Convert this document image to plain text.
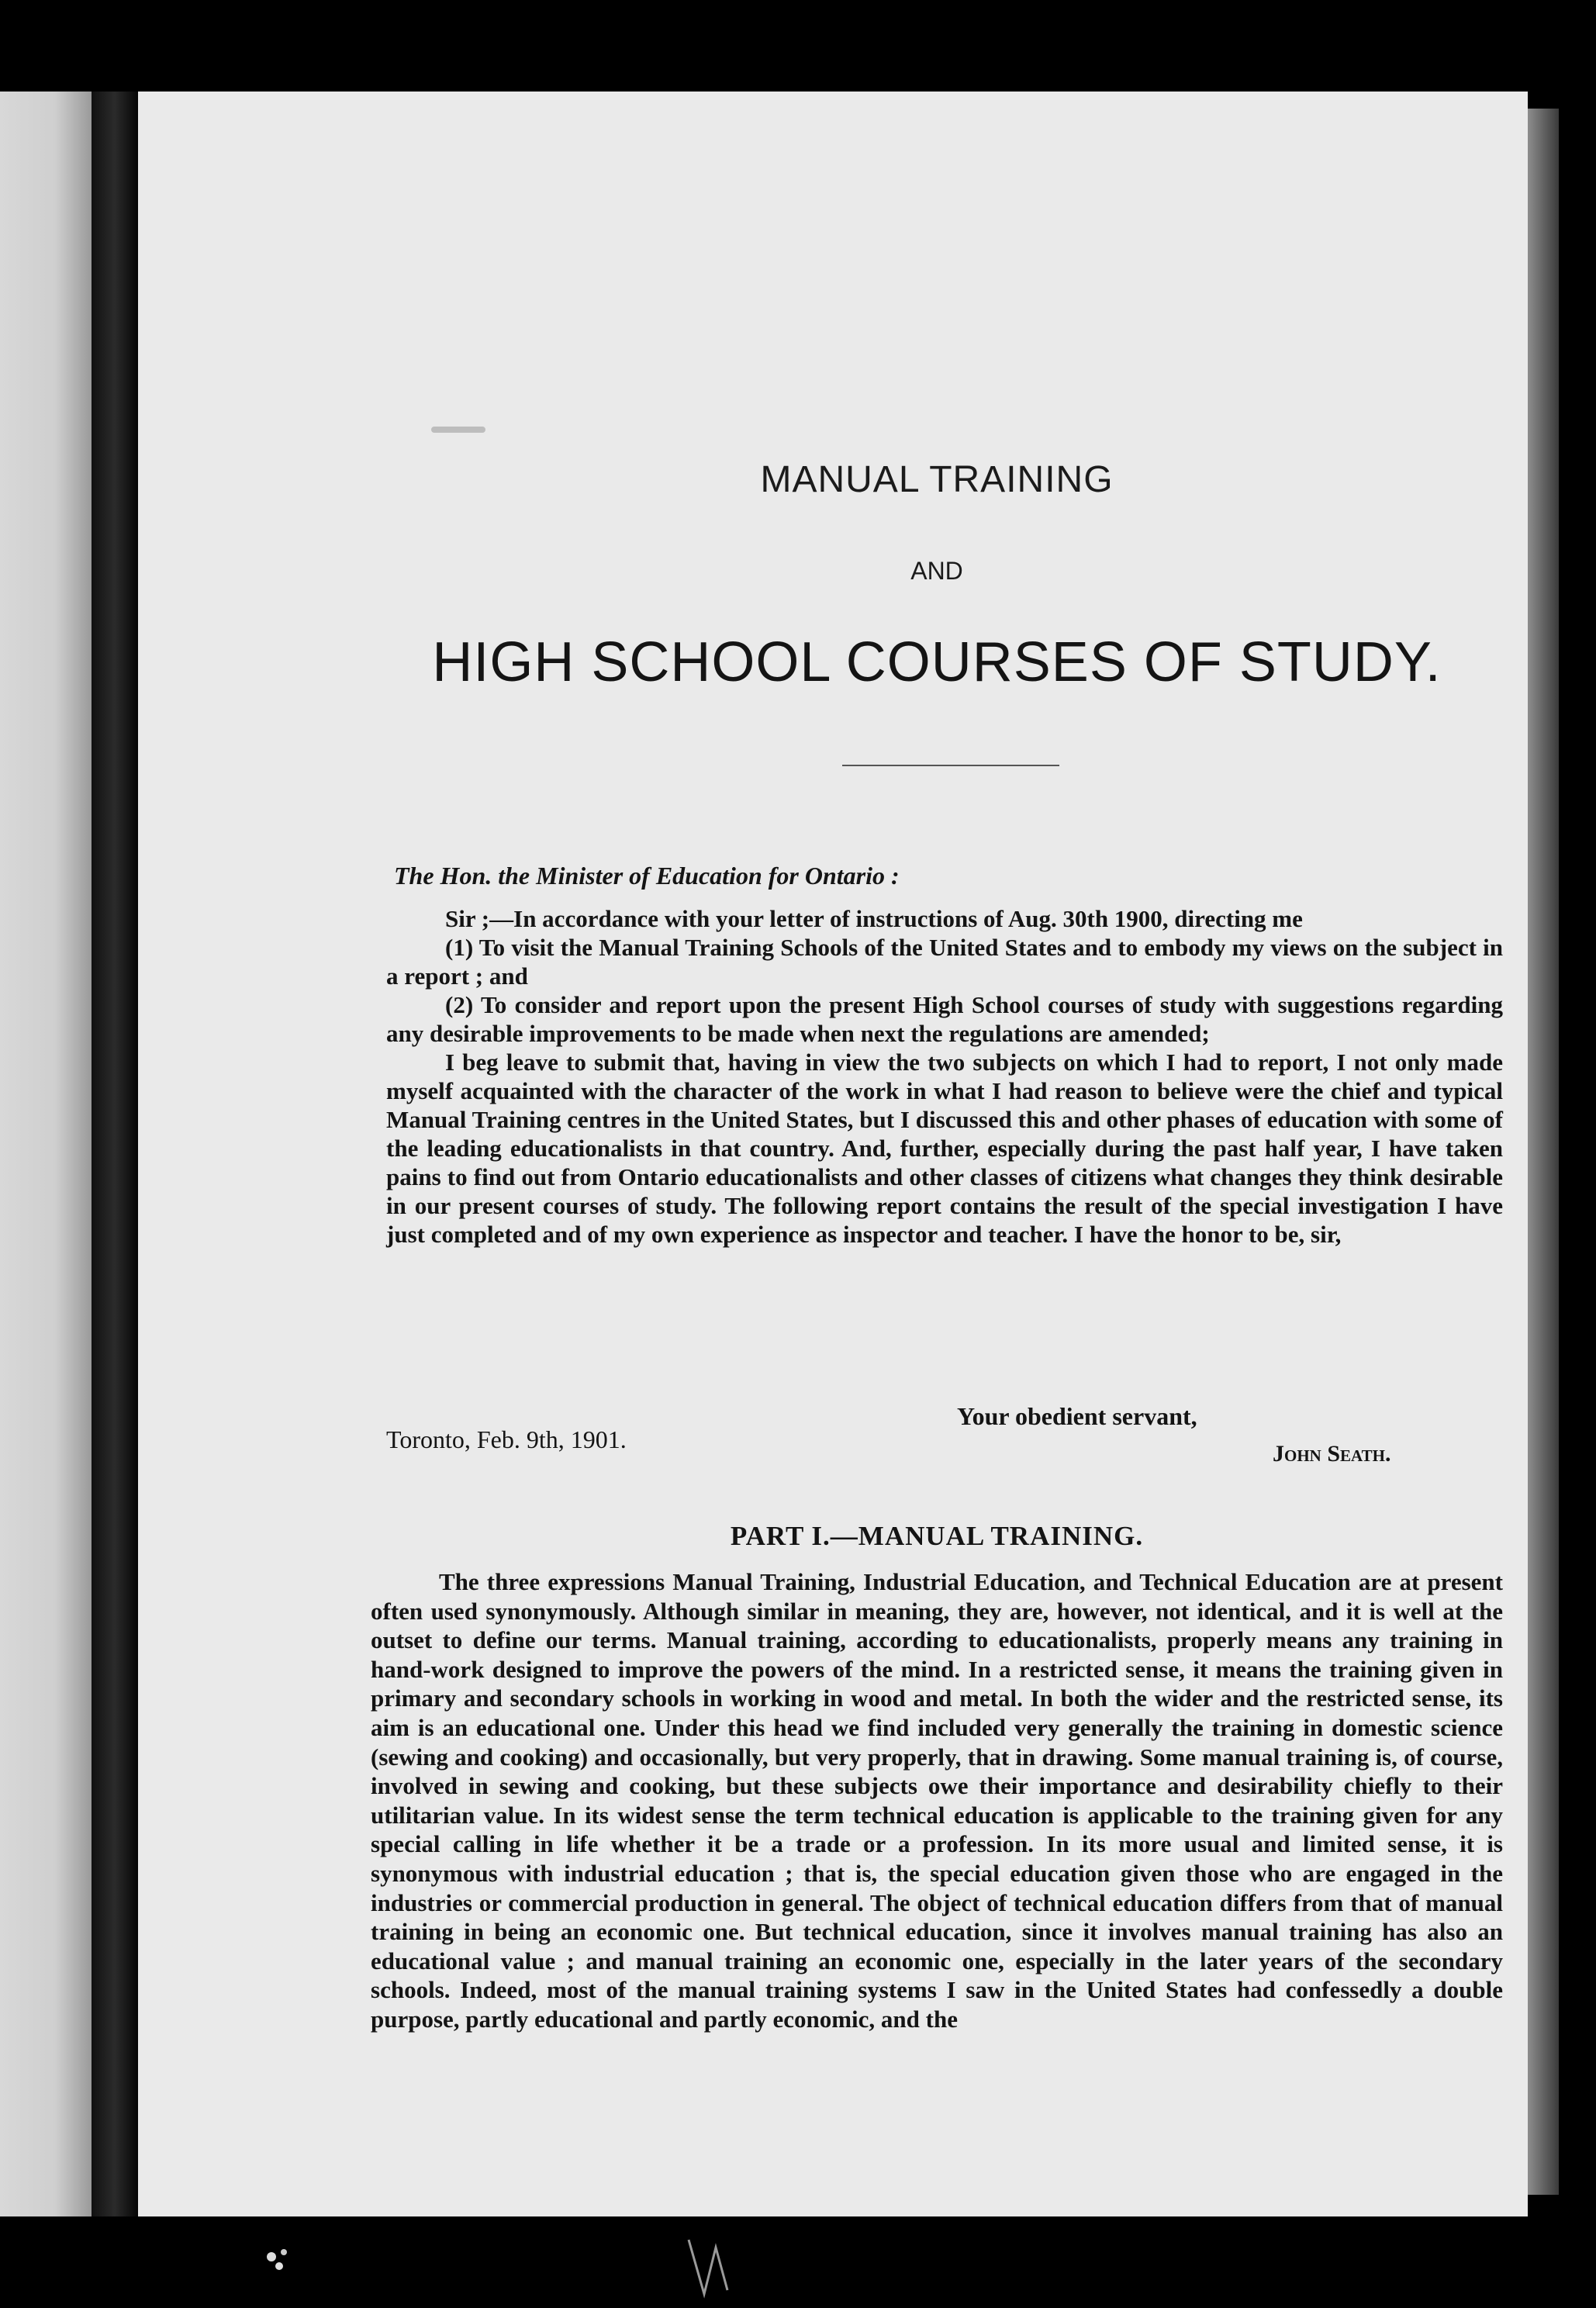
MANUAL TRAINING
AND
HIGH SCHOOL COURSES OF STUDY.
The Hon. the Minister of Education for Ontario :

Sir ;—In accordance with your letter of instructions of Aug. 30th 1900, directing me

(1) To visit the Manual Training Schools of the United States and to embody my views on the subject in a report ; and

(2) To consider and report upon the present High School courses of study with suggestions regarding any desirable improvements to be made when next the regulations are amended;

I beg leave to submit that, having in view the two subjects on which I had to report, I not only made myself acquainted with the character of the work in what I had reason to believe were the chief and typical Manual Training centres in the United States, but I discussed this and other phases of education with some of the leading educationalists in that country. And, further, especially during the past half year, I have taken pains to find out from Ontario educationalists and other classes of citizens what changes they think desirable in our present courses of study. The following report contains the result of the special investigation I have just completed and of my own experience as inspector and teacher. I have the honor to be, sir,

Your obedient servant,
Toronto, Feb. 9th, 1901.
John Seath.
PART I.—MANUAL TRAINING.

The three expressions Manual Training, Industrial Education, and Technical Education are at present often used synonymously. Although similar in meaning, they are, however, not identical, and it is well at the outset to define our terms. Manual training, according to educationalists, properly means any training in hand-work designed to improve the powers of the mind. In a restricted sense, it means the training given in primary and secondary schools in working in wood and metal. In both the wider and the restricted sense, its aim is an educational one. Under this head we find included very generally the training in domestic science (sewing and cooking) and occasionally, but very properly, that in drawing. Some manual training is, of course, involved in sewing and cooking, but these subjects owe their importance and desirability chiefly to their utilitarian value. In its widest sense the term technical education is applicable to the training given for any special calling in life whether it be a trade or a profession. In its more usual and limited sense, it is synonymous with industrial education ; that is, the special education given those who are engaged in the industries or commercial production in general. The object of technical education differs from that of manual training in being an economic one. But technical education, since it involves manual training has also an educational value ; and manual training an economic one, especially in the later years of the secondary schools. Indeed, most of the manual training systems I saw in the United States had confessedly a double purpose, partly educational and partly economic, and the
